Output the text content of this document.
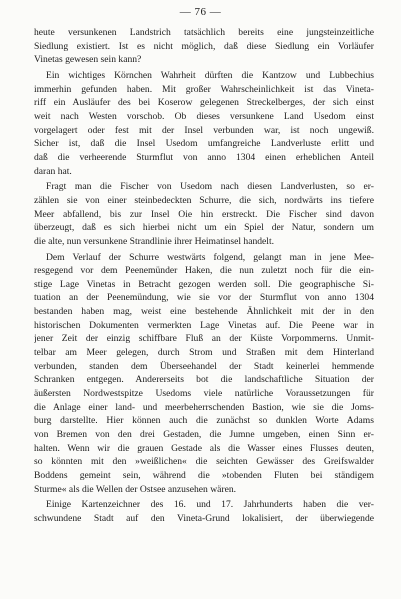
— 76 —
heute versunkenen Landstrich tatsächlich bereits eine jungsteinzeitliche
Siedlung existiert. Ist es nicht möglich, daß diese Siedlung ein Vorläufer
Vinetas gewesen sein kann?
Ein wichtiges Körnchen Wahrheit dürften die Kantzow und Lubbechius
immerhin gefunden haben. Mit großer Wahrscheinlichkeit ist das Vineta-
riff ein Ausläufer des bei Koserow gelegenen Streckelberges, der sich einst
weit nach Westen vorschob. Ob dieses versunkene Land Usedom einst
vorgelagert oder fest mit der Insel verbunden war, ist noch ungewiß.
Sicher ist, daß die Insel Usedom umfangreiche Landverluste erlitt und
daß die verheerende Sturmflut von anno 1304 einen erheblichen Anteil
daran hat.
Fragt man die Fischer von Usedom nach diesen Landverlusten, so er-
zählen sie von einer steinbedeckten Schurre, die sich, nordwärts ins tiefere
Meer abfallend, bis zur Insel Oie hin erstreckt. Die Fischer sind davon
überzeugt, daß es sich hierbei nicht um ein Spiel der Natur, sondern um
die alte, nun versunkene Strandlinie ihrer Heimatinsel handelt.
Dem Verlauf der Schurre westwärts folgend, gelangt man in jene Mee-
resgegend vor dem Peenemünder Haken, die nun zuletzt noch für die ein-
stige Lage Vinetas in Betracht gezogen werden soll. Die geographische Si-
tuation an der Peenemündung, wie sie vor der Sturmflut von anno 1304
bestanden haben mag, weist eine bestehende Ähnlichkeit mit der in den
historischen Dokumenten vermerkten Lage Vinetas auf. Die Peene war in
jener Zeit der einzig schiffbare Fluß an der Küste Vorpommerns. Unmit-
telbar am Meer gelegen, durch Strom und Straßen mit dem Hinterland
verbunden, standen dem Überseehandel der Stadt keinerlei hemmende
Schranken entgegen. Andererseits bot die landschaftliche Situation der
äußersten Nordwestspitze Usedoms viele natürliche Voraussetzungen für
die Anlage einer land- und meerbeherrschenden Bastion, wie sie die Joms-
burg darstellte. Hier können auch die zunächst so dunklen Worte Adams
von Bremen von den drei Gestaden, die Jumne umgeben, einen Sinn er-
halten. Wenn wir die grauen Gestade als die Wasser eines Flusses deuten,
so könnten mit den »weißlichen« die seichten Gewässer des Greifswalder
Boddens gemeint sein, während die »tobenden Fluten bei ständigem
Sturme« als die Wellen der Ostsee anzusehen wären.
Einige Kartenzeichner des 16. und 17. Jahrhunderts haben die ver-
schwundene Stadt auf den Vineta-Grund lokalisiert, der überwiegende
